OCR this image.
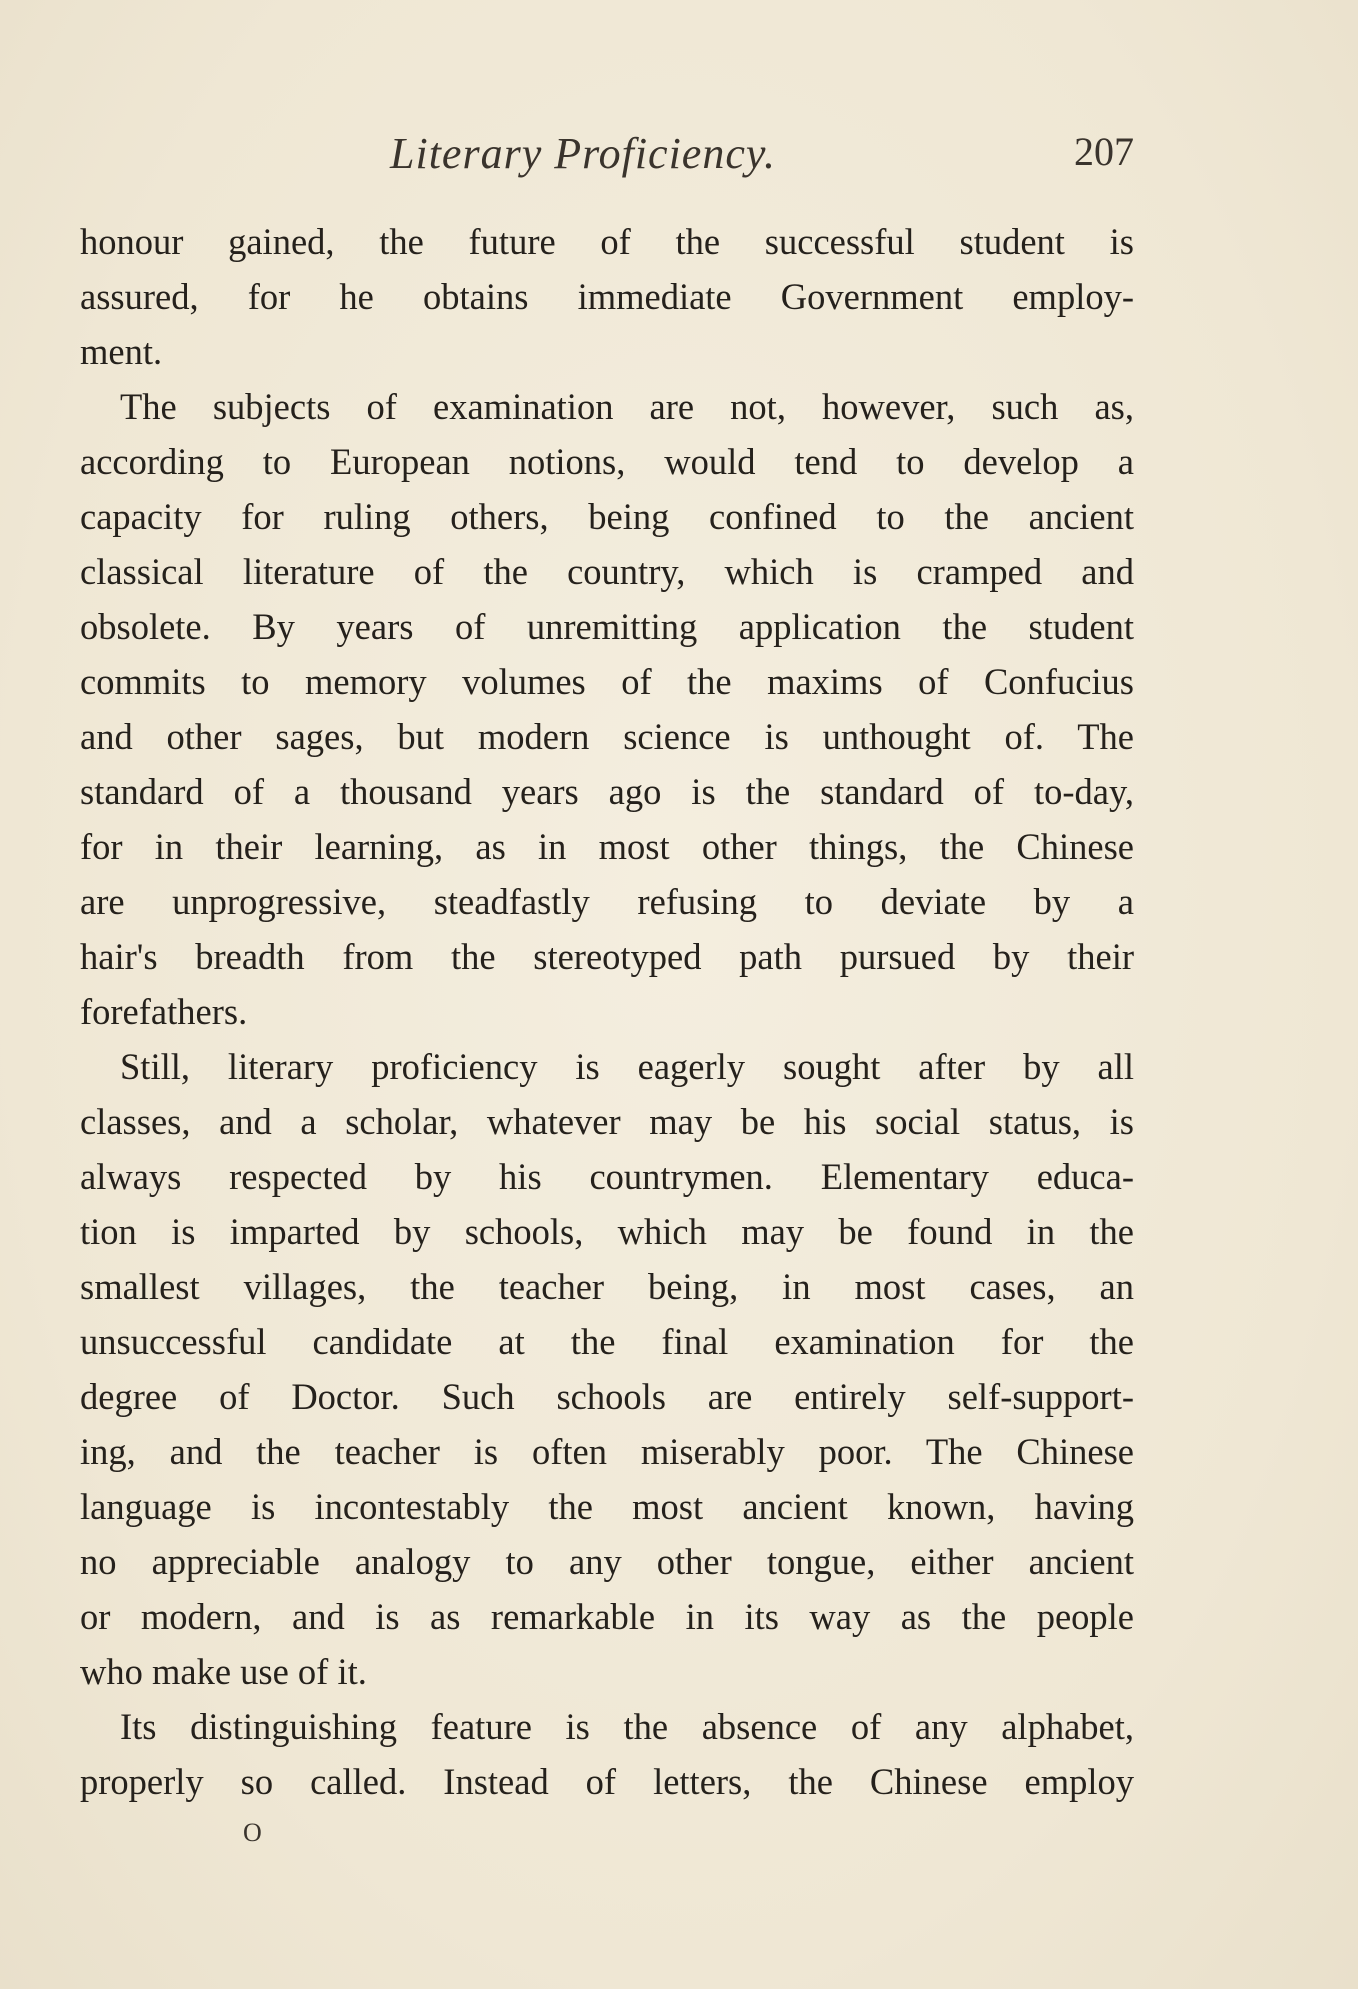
Literary Proficiency.	207
honour gained, the future of the successful student is
assured, for he obtains immediate Government employ-
ment.
The subjects of examination are not, however, such as,
according to European notions, would tend to develop a
capacity for ruling others, being confined to the ancient
classical literature of the country, which is cramped and
obsolete. By years of unremitting application the student
commits to memory volumes of the maxims of Confucius
and other sages, but modern science is unthought of. The
standard of a thousand years ago is the standard of to-day,
for in their learning, as in most other things, the Chinese
are unprogressive, steadfastly refusing to deviate by a
hair's breadth from the stereotyped path pursued by their
forefathers.
Still, literary proficiency is eagerly sought after by all
classes, and a scholar, whatever may be his social status, is
always respected by his countrymen. Elementary educa-
tion is imparted by schools, which may be found in the
smallest villages, the teacher being, in most cases, an
unsuccessful candidate at the final examination for the
degree of Doctor. Such schools are entirely self-support-
ing, and the teacher is often miserably poor. The Chinese
language is incontestably the most ancient known, having
no appreciable analogy to any other tongue, either ancient
or modern, and is as remarkable in its way as the people
who make use of it.
Its distinguishing feature is the absence of any alphabet,
properly so called. Instead of letters, the Chinese employ
O
